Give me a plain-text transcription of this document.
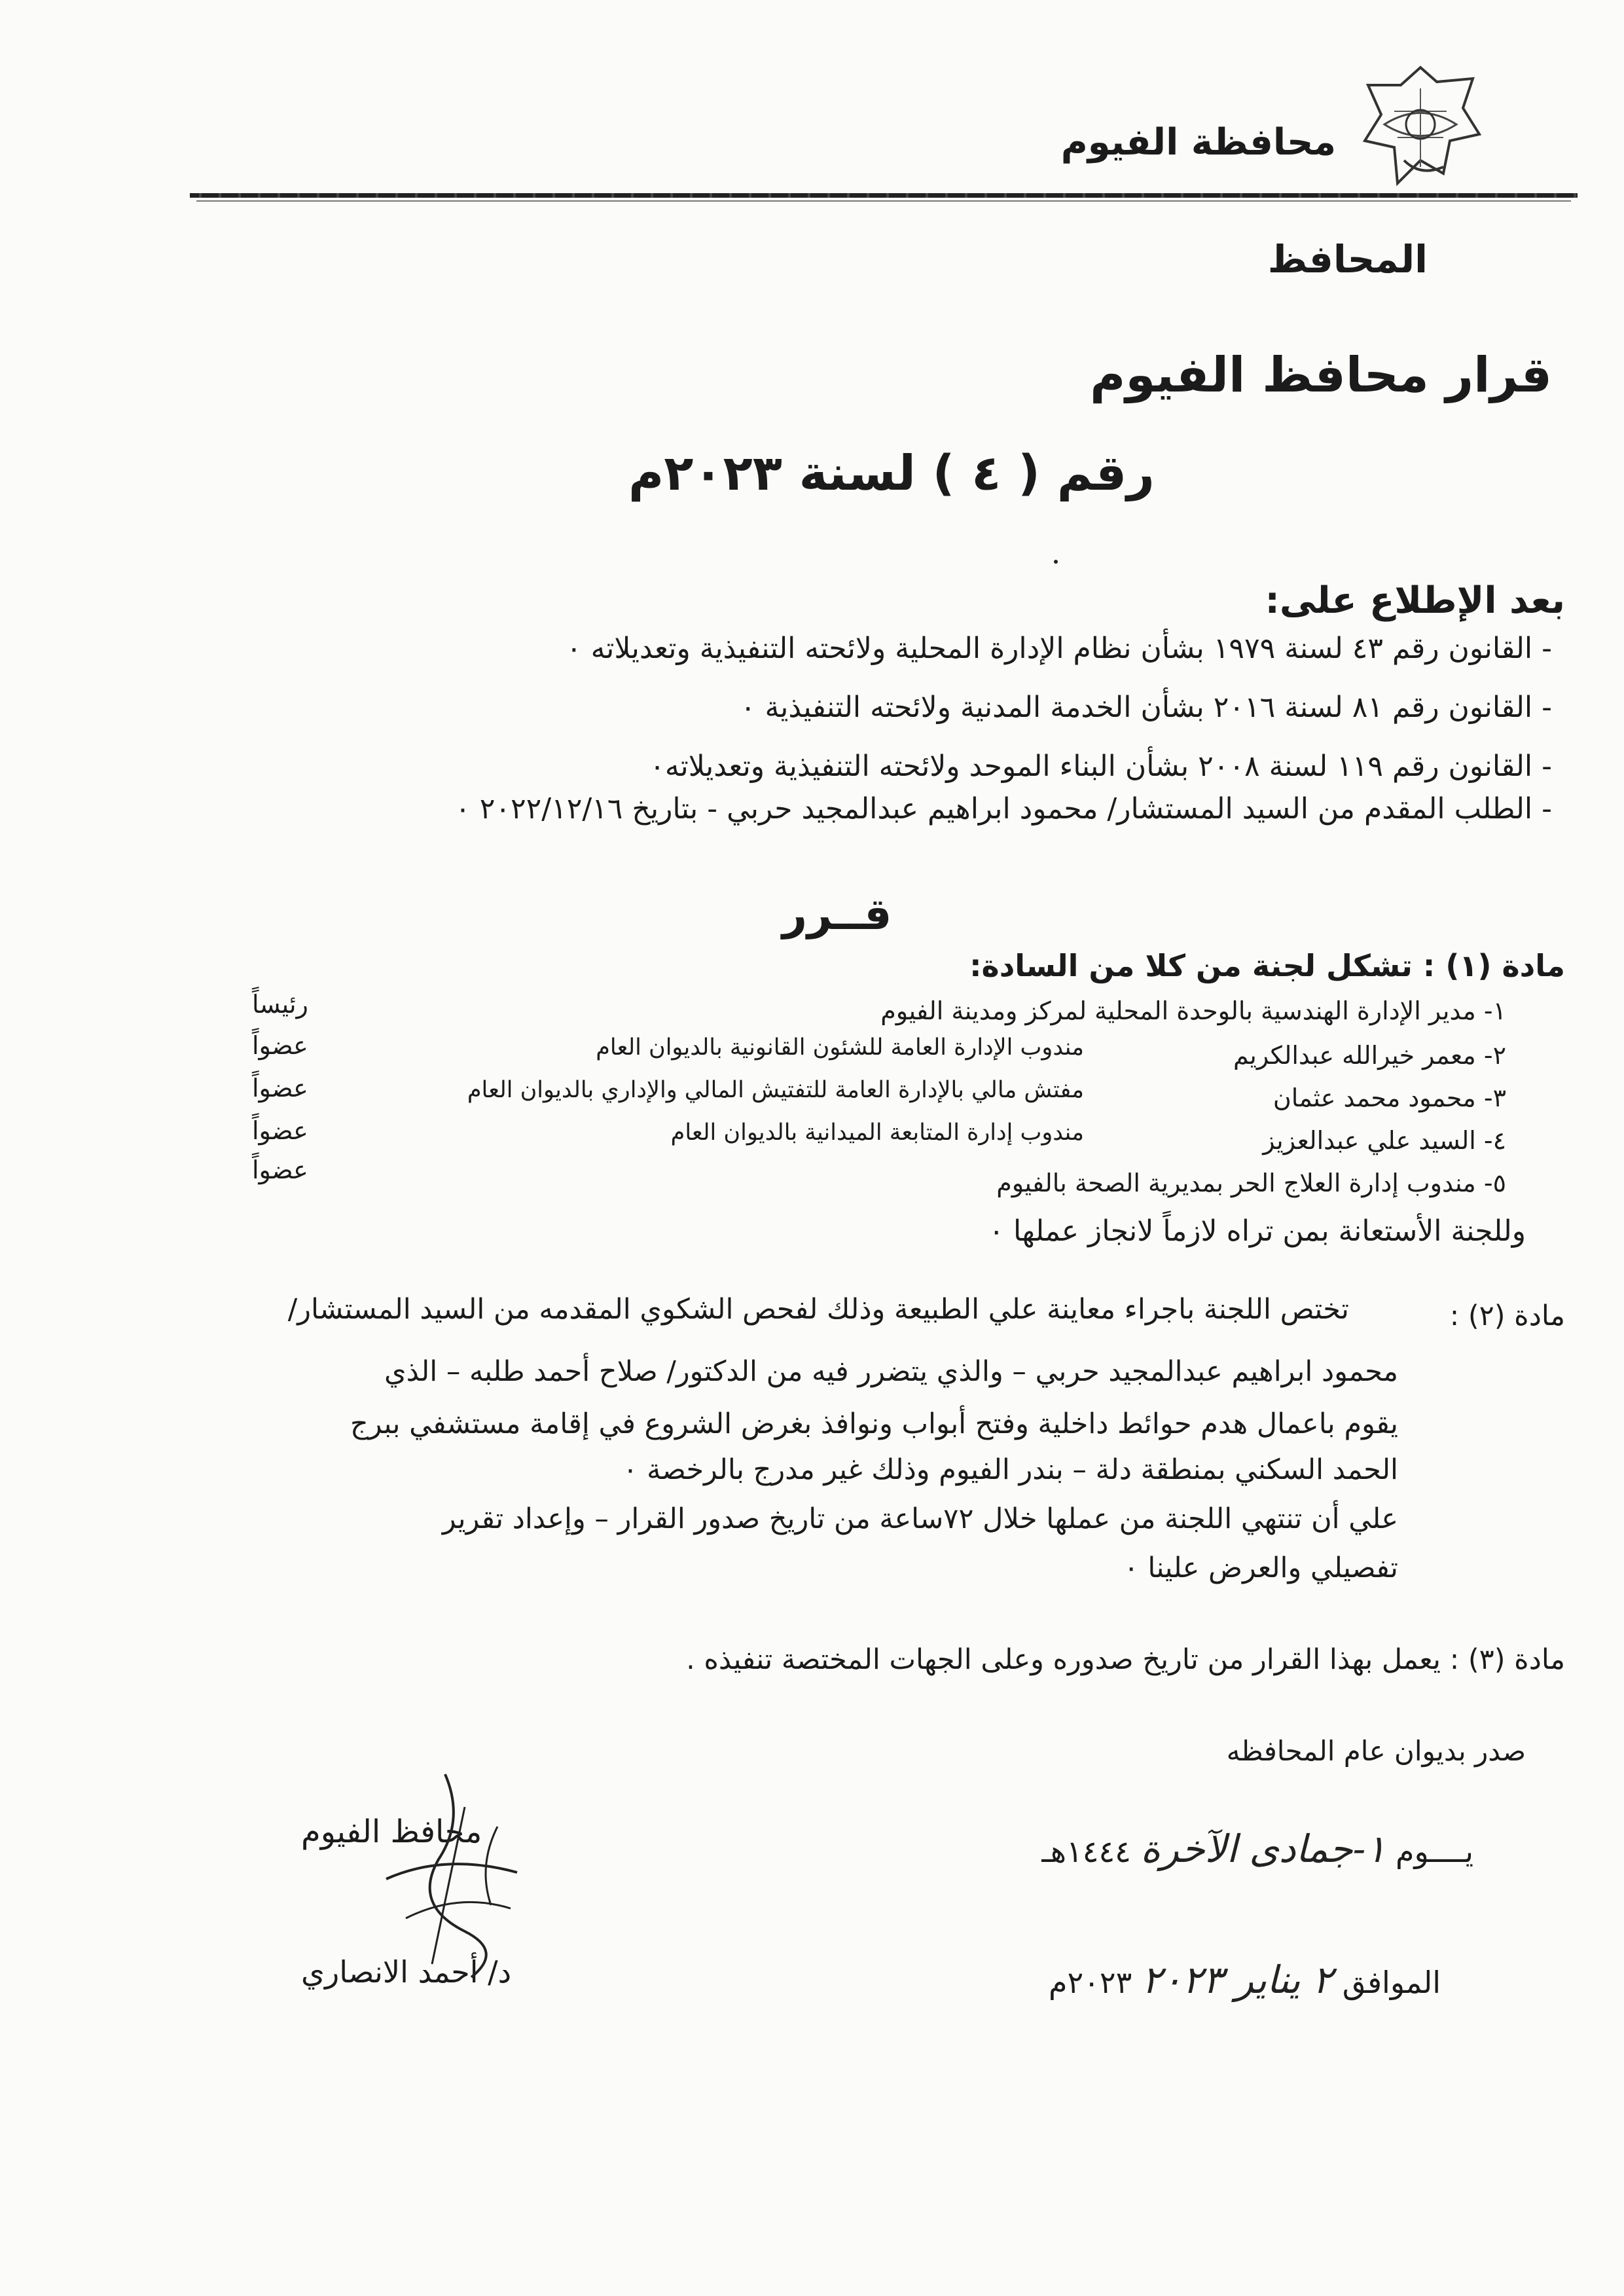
محافظة الفيوم
المحافظ
قرار محافظ الفيوم
رقم ( ٤ ) لسنة ٢٠٢٣م
بعد الإطلاع على:
- القانون رقم ٤٣ لسنة ١٩٧٩ بشأن نظام الإدارة المحلية ولائحته التنفيذية وتعديلاته ٠
- القانون رقم ٨١ لسنة ٢٠١٦ بشأن الخدمة المدنية ولائحته التنفيذية ٠
- القانون رقم ١١٩ لسنة ٢٠٠٨ بشأن البناء الموحد ولائحته التنفيذية وتعديلاته٠
- الطلب المقدم من السيد المستشار/ محمود ابراهيم عبدالمجيد حربي - بتاريخ ٢٠٢٢/١٢/١٦ ٠
قــرر
مادة (١) : تشكل لجنة من كلا من السادة:
١- مدير الإدارة الهندسية بالوحدة المحلية لمركز ومدينة الفيوم
رئيساً
٢- معمر خيرالله عبدالكريم
مندوب الإدارة العامة للشئون القانونية بالديوان العام
عضواً
٣- محمود محمد عثمان
مفتش مالي بالإدارة العامة للتفتيش المالي والإداري بالديوان العام
عضواً
٤- السيد علي عبدالعزيز
مندوب إدارة المتابعة الميدانية بالديوان العام
عضواً
٥- مندوب إدارة العلاج الحر بمديرية الصحة بالفيوم
عضواً
وللجنة الأستعانة بمن تراه لازماً لانجاز عملها ٠
مادة (٢) :
تختص اللجنة باجراء معاينة علي الطبيعة وذلك لفحص الشكوي المقدمه من السيد المستشار/
محمود ابراهيم عبدالمجيد حربي – والذي يتضرر فيه من الدكتور/ صلاح أحمد طلبه – الذي
يقوم باعمال هدم حوائط داخلية وفتح أبواب ونوافذ بغرض الشروع في إقامة مستشفي ببرج
الحمد السكني بمنطقة دلة – بندر الفيوم وذلك غير مدرج بالرخصة ٠
علي أن تنتهي اللجنة من عملها خلال ٧٢ساعة من تاريخ صدور القرار – وإعداد تقرير
تفصيلي والعرض علينا ٠
مادة (٣) : يعمل بهذا القرار من تاريخ صدوره وعلى الجهات المختصة تنفيذه .
صدر بديوان عام المحافظه
يــــوم ١-جمادى الآخرة ١٤٤٤هـ
الموافق ٢ يناير ٢٠٢٣ ٢٠٢٣م
محافظ الفيوم
د/ أحمد الانصاري
